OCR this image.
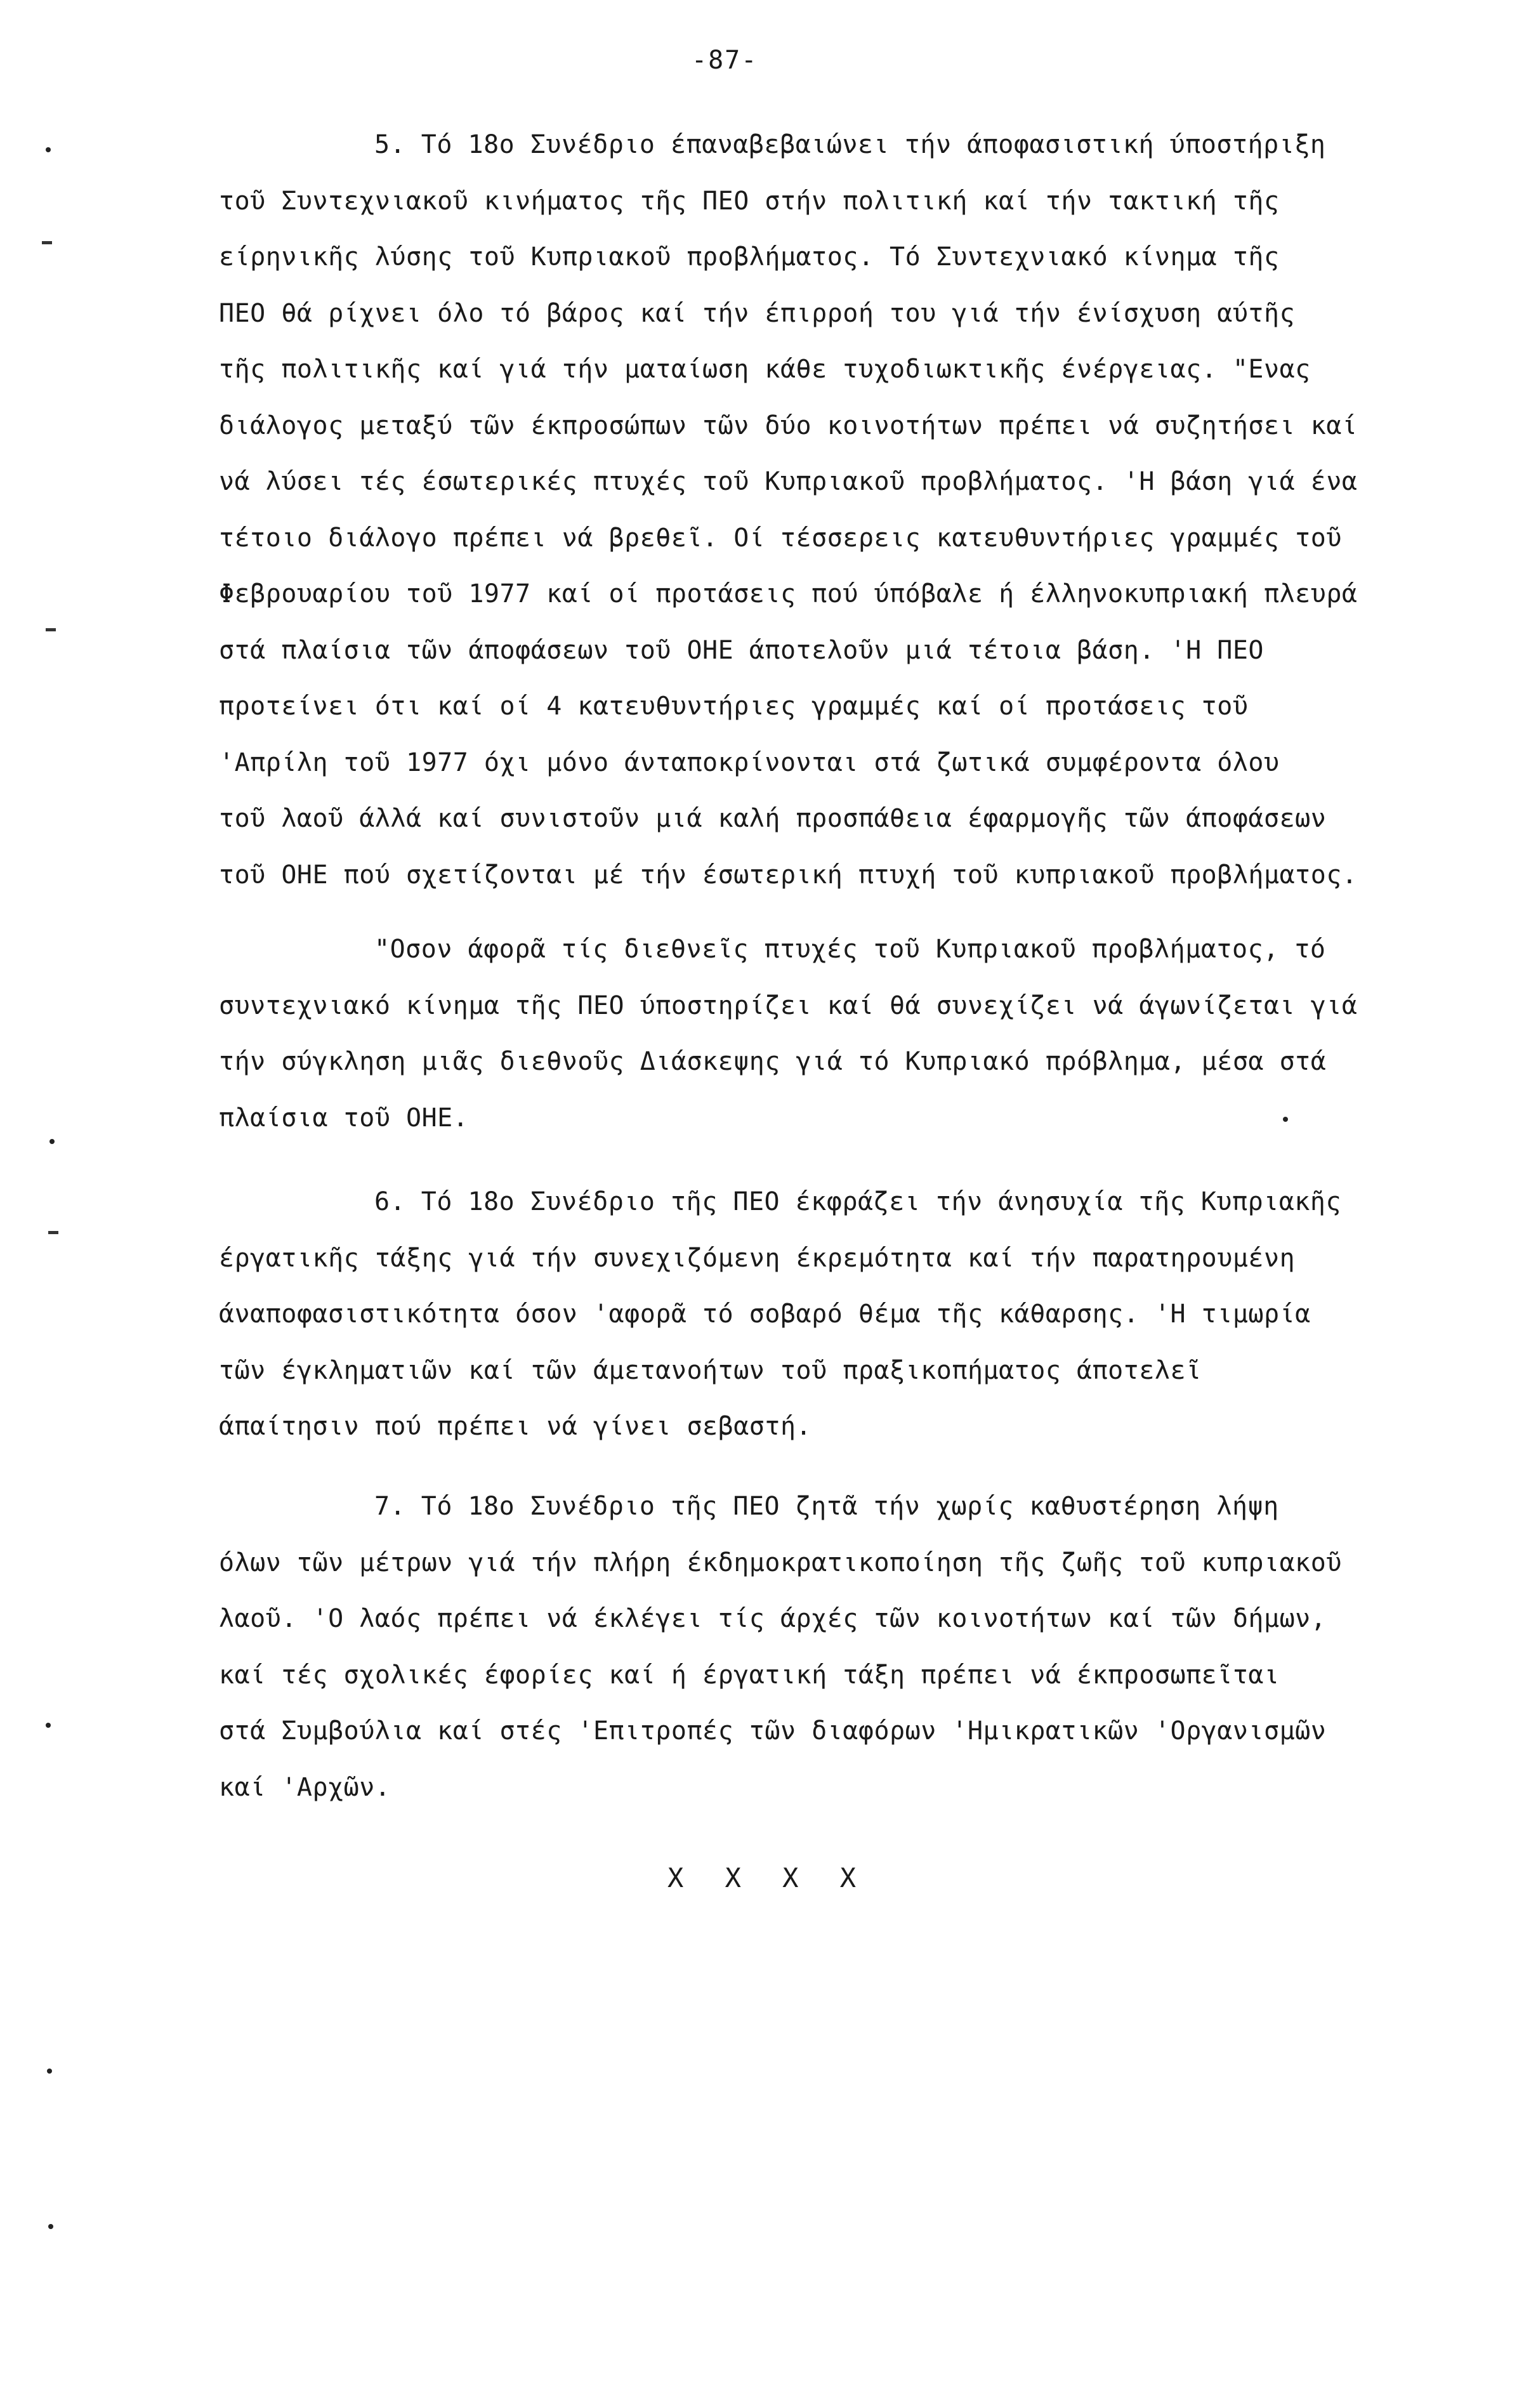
-87-
5. Τό 18ο Συνέδριο έπαναβεβαιώνει τήν άποφασιστική ύποστήριξη
τοῦ Συντεχνιακοῦ κινήματος τῆς ΠΕΟ στήν πολιτική καί τήν τακτική τῆς
είρηνικῆς λύσης τοῦ Κυπριακοῦ προβλήματος. Τό Συντεχνιακό κίνημα τῆς
ΠΕΟ θά ρίχνει όλο τό βάρος καί τήν έπιρροή του γιά τήν ένίσχυση αύτῆς
τῆς πολιτικῆς καί γιά τήν ματαίωση κάθε τυχοδιωκτικῆς ένέργειας. "Ενας
διάλογος μεταξύ τῶν έκπροσώπων τῶν δύο κοινοτήτων πρέπει νά συζητήσει καί
νά λύσει τές έσωτερικές πτυχές τοῦ Κυπριακοῦ προβλήματος. 'Η βάση γιά ένα
τέτοιο διάλογο πρέπει νά βρεθεῖ. Οί τέσσερεις κατευθυντήριες γραμμές τοῦ
Φεβρουαρίου τοῦ 1977 καί οί προτάσεις πού ύπόβαλε ή έλληνοκυπριακή πλευρά
στά πλαίσια τῶν άποφάσεων τοῦ ΟΗΕ άποτελοῦν μιά τέτοια βάση. 'Η ΠΕΟ
προτείνει ότι καί οί 4 κατευθυντήριες γραμμές καί οί προτάσεις τοῦ
'Απρίλη τοῦ 1977 όχι μόνο άνταποκρίνονται στά ζωτικά συμφέροντα όλου
τοῦ λαοῦ άλλά καί συνιστοῦν μιά καλή προσπάθεια έφαρμογῆς τῶν άποφάσεων
τοῦ ΟΗΕ πού σχετίζονται μέ τήν έσωτερική πτυχή τοῦ κυπριακοῦ προβλήματος.
"Οσον άφορᾶ τίς διεθνεῖς πτυχές τοῦ Κυπριακοῦ προβλήματος, τό
συντεχνιακό κίνημα τῆς ΠΕΟ ύποστηρίζει καί θά συνεχίζει νά άγωνίζεται γιά
τήν σύγκληση μιᾶς διεθνοῦς Διάσκεψης γιά τό Κυπριακό πρόβλημα, μέσα στά
πλαίσια τοῦ ΟΗΕ.
6. Τό 18ο Συνέδριο τῆς ΠΕΟ έκφράζει τήν άνησυχία τῆς Κυπριακῆς
έργατικῆς τάξης γιά τήν συνεχιζόμενη έκρεμότητα καί τήν παρατηρουμένη
άναποφασιστικότητα όσον 'αφορᾶ τό σοβαρό θέμα τῆς κάθαρσης. 'Η τιμωρία
τῶν έγκληματιῶν καί τῶν άμετανοήτων τοῦ πραξικοπήματος άποτελεῖ
άπαίτησιν πού πρέπει νά γίνει σεβαστή.
7. Τό 18ο Συνέδριο τῆς ΠΕΟ ζητᾶ τήν χωρίς καθυστέρηση λήψη
όλων τῶν μέτρων γιά τήν πλήρη έκδημοκρατικοποίηση τῆς ζωῆς τοῦ κυπριακοῦ
λαοῦ. 'Ο λαός πρέπει νά έκλέγει τίς άρχές τῶν κοινοτήτων καί τῶν δήμων,
καί τές σχολικές έφορίες καί ή έργατική τάξη πρέπει νά έκπροσωπεῖται
στά Συμβούλια καί στές 'Επιτροπές τῶν διαφόρων 'Ημικρατικῶν 'Οργανισμῶν
καί 'Αρχῶν.
X X X X
